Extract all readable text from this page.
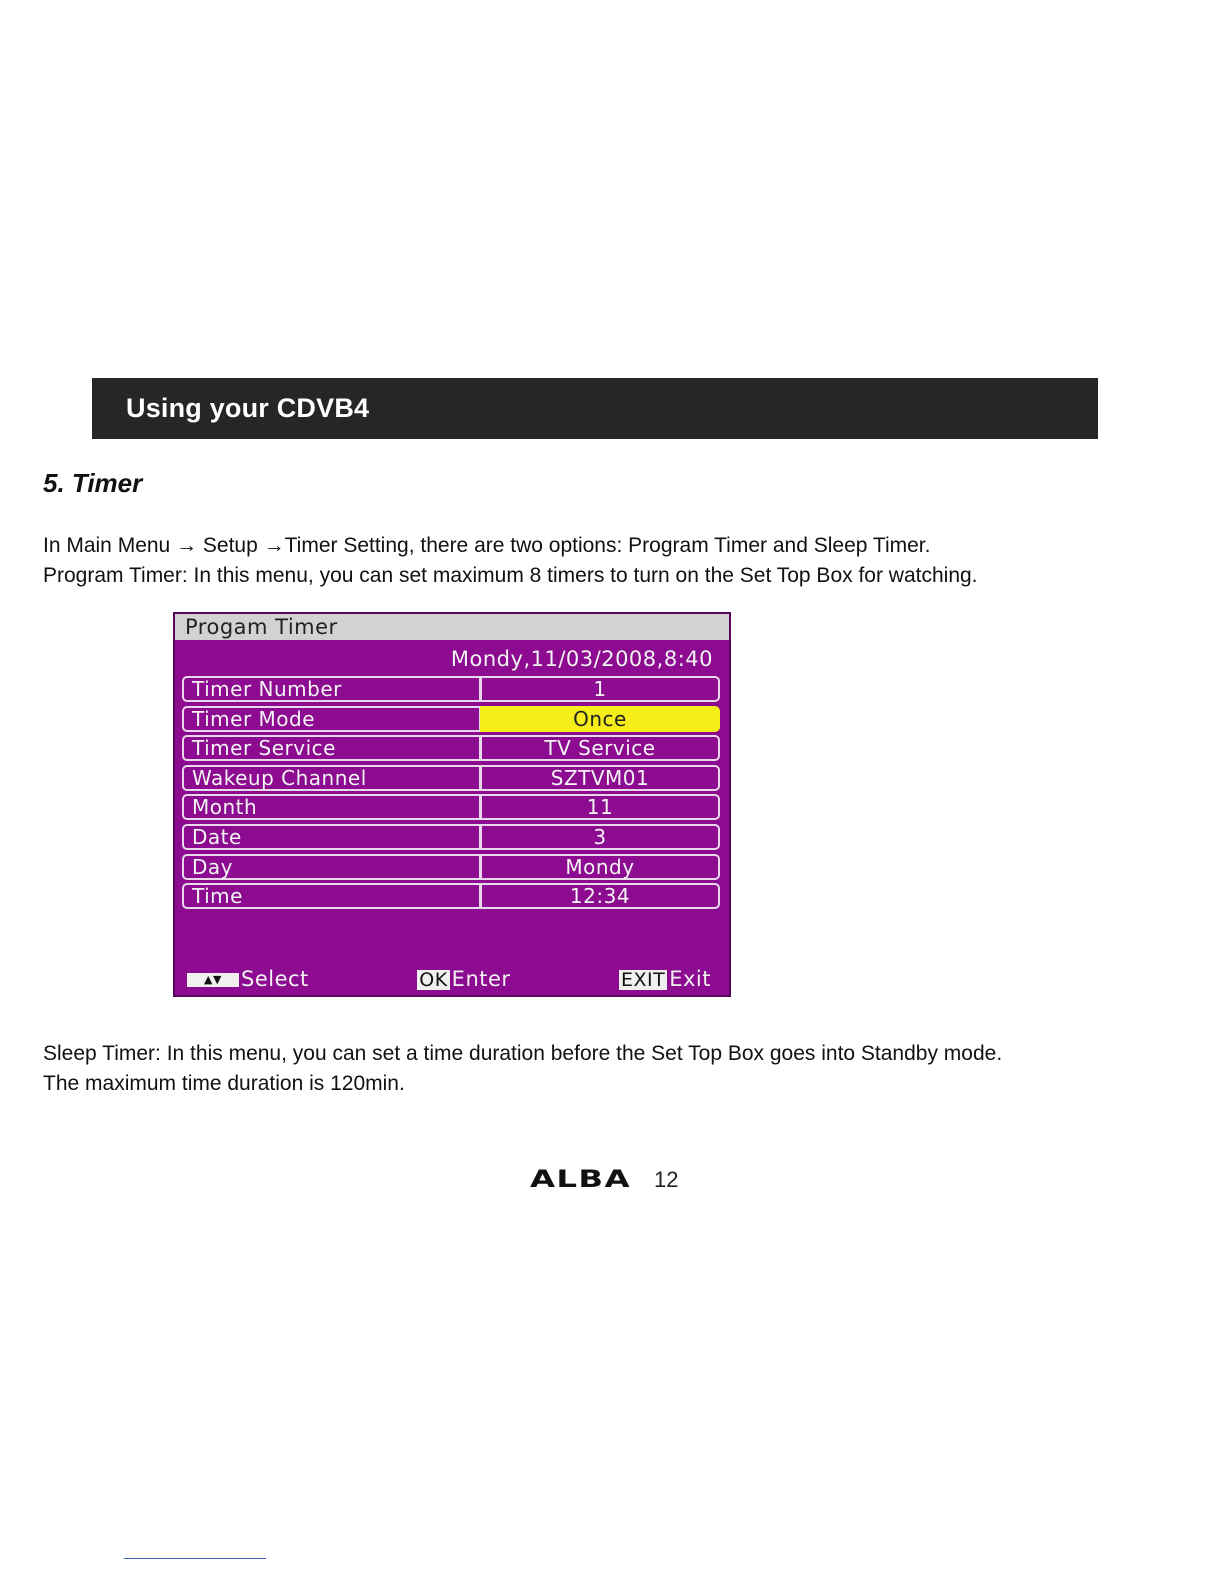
Using your CDVB4
5. Timer
In Main Menu → Setup →Timer Setting, there are two options: Program Timer and Sleep Timer.
Program Timer: In this menu, you can set maximum 8 timers to turn on the Set Top Box for watching.
Progam Timer
Mondy,11/03/2008,8:40
Timer Number	1
Timer Mode	Once
Timer Service	TV Service
Wakeup Channel	SZTVM01
Month	11
Date	3
Day	Mondy
Time	12:34
▲▼ Select	OK Enter	EXIT Exit
Sleep Timer: In this menu, you can set a time duration before the Set Top Box goes into Standby mode.
The maximum time duration is 120min.
ALBA	12
